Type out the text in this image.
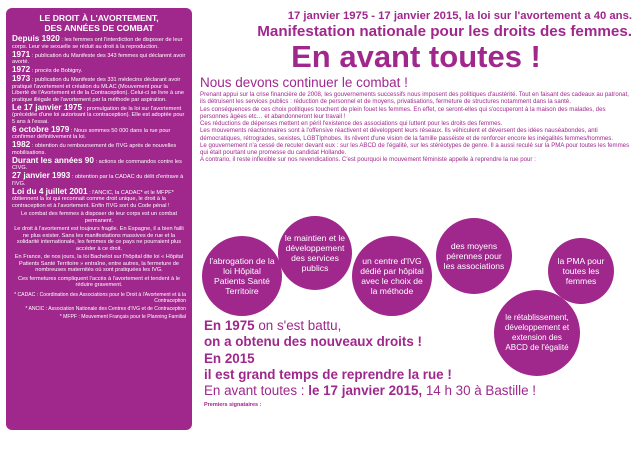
LE DROIT À L'AVORTEMENT,
DES ANNÉES DE COMBAT

Depuis 1920 : les femmes ont l'interdiction de disposer de leur corps. Leur vie sexuelle se réduit au droit à la reproduction.

1971 : publication du Manifeste des 343 femmes qui déclarent avoir avorté.

1972 : procès de Bobigny.

1973 : publication du Manifeste des 331 médecins déclarant avoir pratiqué l'avortement et création du MLAC (Mouvement pour la Liberté de l'Avortement et de la Contraception). Celui-ci se livre à une pratique illégale de l'avortement par la méthode par aspiration.

Le 17 janvier 1975 : promulgation de la loi sur l'avortement (précédée d'une loi autorisant la contraception). Elle est adoptée pour 5 ans à l'essai.

6 octobre 1979 : Nous sommes 50 000 dans la rue pour confirmer définitivement la loi.

1982 : obtention du remboursement de l'IVG après de nouvelles mobilisations.

Durant les années 90 : actions de commandos contre les CIVG.

27 janvier 1993 : obtention par la CADAC du délit d'entrave à l'IVG.

Loi du 4 juillet 2001 : l'ANCIC, la CADAC* et le MFPF* obtiennent la loi qui reconnait comme droit unique, le droit à la contraception et à l'avortement. Enfin l'IVG sort du Code pénal !

Le combat des femmes à disposer de leur corps est un combat permanent.

Le droit à l'avortement est toujours fragile. En Espagne, il a bien failli ne plus exister. Sans les manifestations massives de rue et la solidarité internationale, les femmes de ce pays ne pourraient plus accéder à ce droit.

En France, de nos jours, la loi Bachelot sur l'hôpital dite loi « Hôpital Patients Santé Territoire » entraîne, entre autres, la fermeture de nombreuses maternités où sont pratiquées les IVG.

Ces fermetures compliquent l'accès à l'avortement et tendent à le réduire gravement.

* CADAC : Coordination des Associations pour le Droit à l'Avortement et à la Contraception
* ANCIC : Association Nationale des Centres d'IVG et de Contraception
* MFPF : Mouvement Français pour le Planning Familial
17 janvier 1975 - 17 janvier 2015, la loi sur l'avortement a 40 ans.
Manifestation nationale pour les droits des femmes.
En avant toutes !
Nous devons continuer le combat !

Prenant appui sur la crise financière de 2008, les gouvernements successifs nous imposent des politiques d'austérité. Tout en faisant des cadeaux au patronat, ils détruisent les services publics : réduction de personnel et de moyens, privatisations, fermeture de structures notamment dans la santé.

Les conséquences de ces choix politiques touchent de plein fouet les femmes. En effet, ce seront-elles qui s'occuperont à la maison des malades, des personnes âgées etc… et abandonneront leur travail !

Ces réductions de dépenses mettent en péril l'existence des associations qui luttent pour les droits des femmes.

Les mouvements réactionnaires sont à l'offensive réactivent et développent leurs réseaux. Ils véhiculent et déversent des idées nauséabondes, anti démocratiques, rétrogrades, sexistes, LGBTIphobes. Ils rêvent d'une vision de la famille passéiste et de renforcer encore les inégalités femmes/hommes.

Le gouvernement n'a cessé de reculer devant eux : sur les ABCD de l'égalité, sur les stéréotypes de genre. Il a aussi reculé sur la PMA pour toutes les femmes qui était pourtant une promesse du candidat Hollande.

A contrario, il reste inflexible sur nos revendications. C'est pourquoi le mouvement féministe appelle à reprendre la rue pour :

l'abrogation de la loi Hôpital Patients Santé Territoire
le maintien et le développement des services publics
un centre d'IVG dédié par hôpital avec le choix de la méthode
des moyens pérennes pour les associations
la PMA pour toutes les femmes
le rétablissement, développement et extension des ABCD de l'égalité
En 1975 on s'est battu,
on a obtenu des nouveaux droits !
En 2015
il est grand temps de reprendre la rue !
En avant toutes : le 17 janvier 2015, 14 h 30 à Bastille !
Premiers signataires :
